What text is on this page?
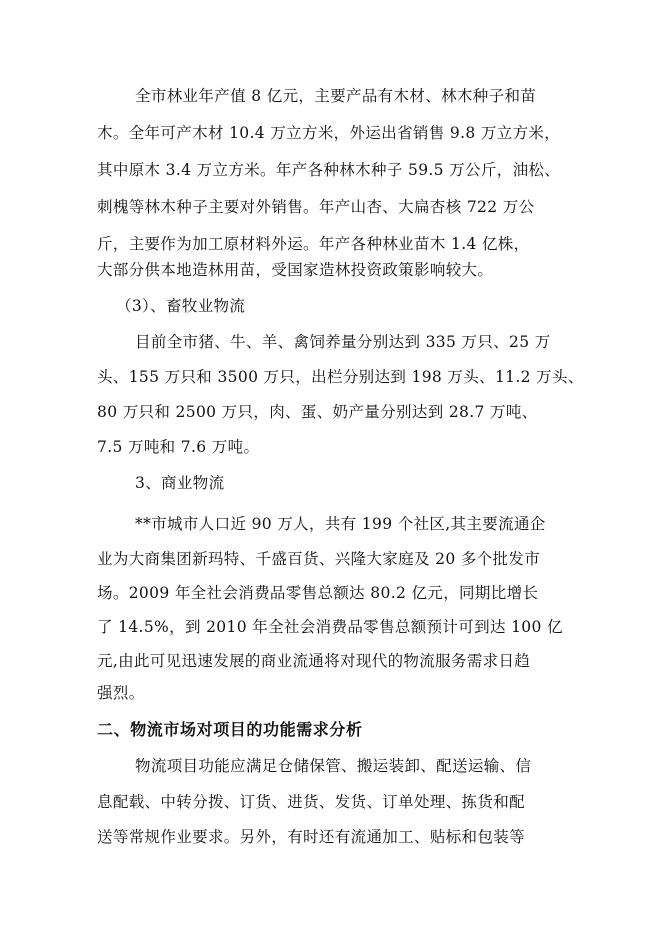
全市林业年产值 8 亿元，主要产品有木材、林木种子和苗
木。全年可产木材 10.4 万立方米，外运出省销售 9.8 万立方米，
其中原木 3.4 万立方米。年产各种林木种子 59.5 万公斤，油松、
刺槐等林木种子主要对外销售。年产山杏、大扁杏核 722 万公
斤，主要作为加工原材料外运。年产各种林业苗木 1.4 亿株，
大部分供本地造林用苗，受国家造林投资政策影响较大。
（3）、畜牧业物流
目前全市猪、牛、羊、禽饲养量分别达到 335 万只、25 万
头、155 万只和 3500 万只，出栏分别达到 198 万头、11.2 万头、
80 万只和 2500 万只，肉、蛋、奶产量分别达到 28.7 万吨、
7.5 万吨和 7.6 万吨。
3、商业物流
**市城市人口近 90 万人，共有 199 个社区,其主要流通企
业为大商集团新玛特、千盛百货、兴隆大家庭及 20 多个批发市
场。2009 年全社会消费品零售总额达 80.2 亿元，同期比增长
了 14.5%，到 2010 年全社会消费品零售总额预计可到达 100 亿
元,由此可见迅速发展的商业流通将对现代的物流服务需求日趋
强烈。
二、物流市场对项目的功能需求分析
物流项目功能应满足仓储保管、搬运装卸、配送运输、信
息配载、中转分拨、订货、进货、发货、订单处理、拣货和配
送等常规作业要求。另外，有时还有流通加工、贴标和包装等
